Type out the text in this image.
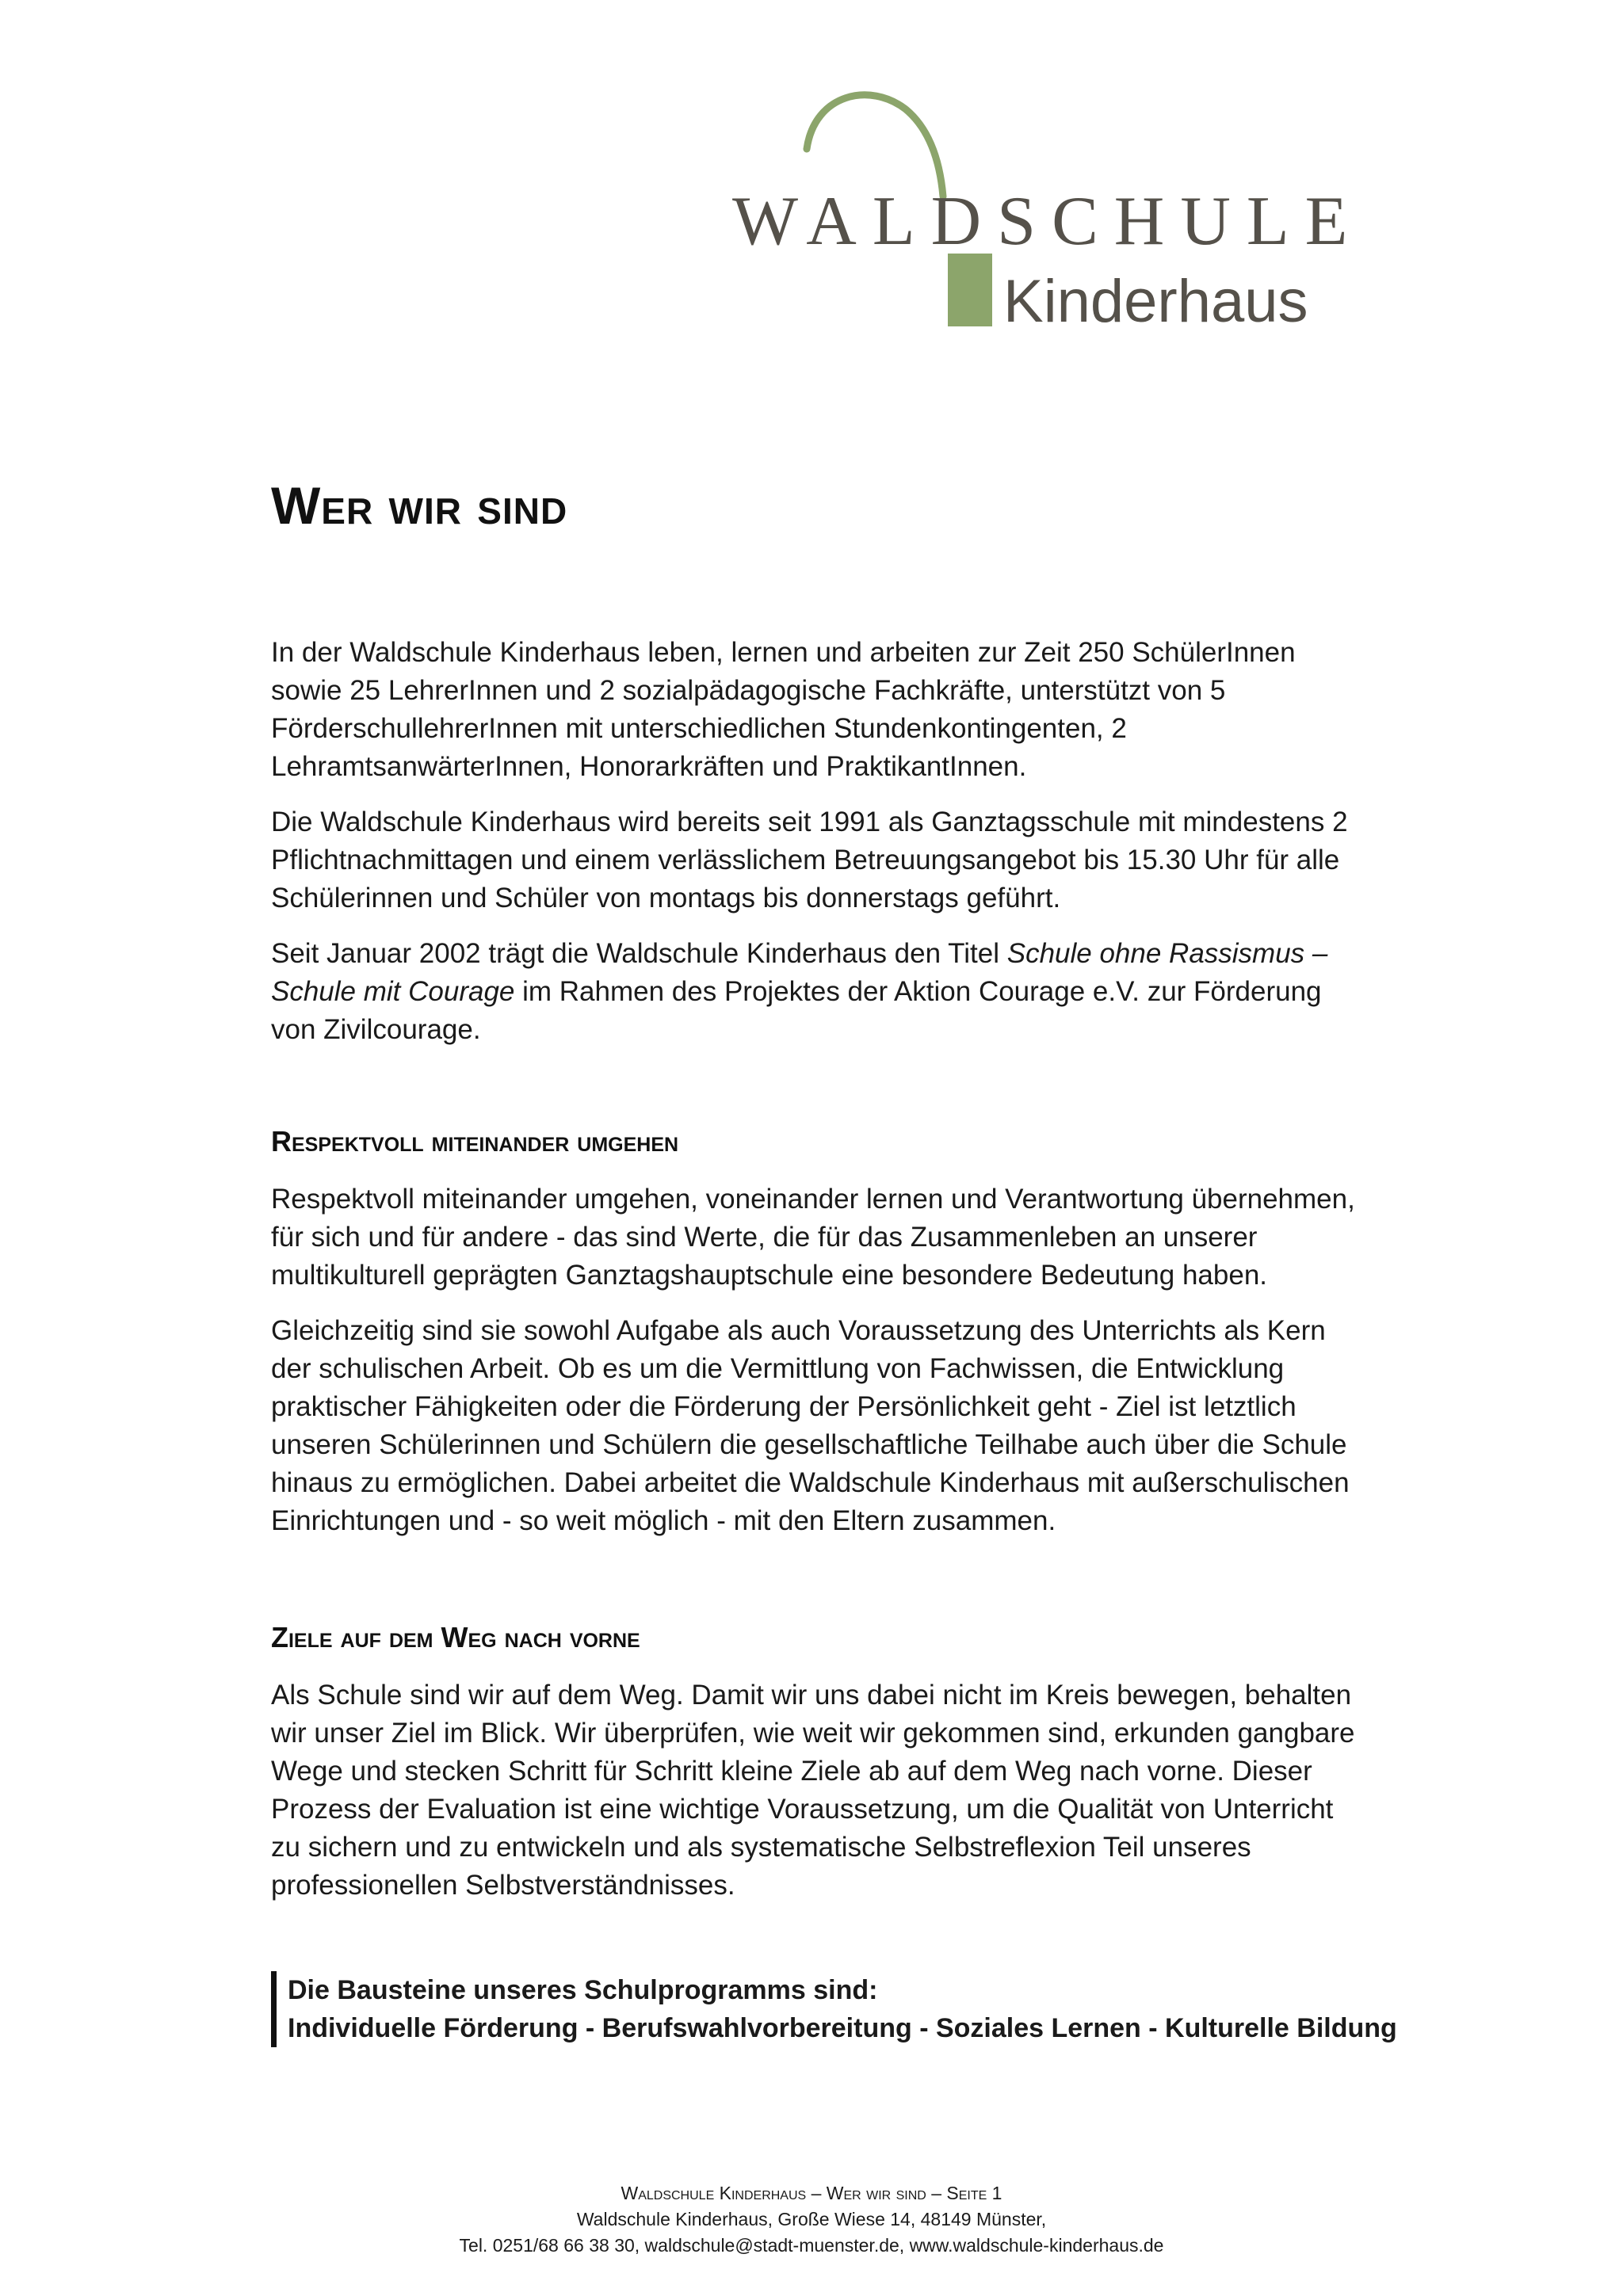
WALDSCHULE
Kinderhaus
Wer wir sind

In der Waldschule Kinderhaus leben, lernen und arbeiten zur Zeit 250 SchülerInnen sowie 25 LehrerInnen und 2 sozialpädagogische Fachkräfte, unterstützt von 5 FörderschullehrerInnen mit unterschiedlichen Stundenkontingenten, 2 LehramtsanwärterInnen, Honorarkräften und PraktikantInnen.

Die Waldschule Kinderhaus wird bereits seit 1991 als Ganztagsschule mit mindestens 2 Pflichtnachmittagen und einem verlässlichem Betreuungsangebot bis 15.30 Uhr für alle Schülerinnen und Schüler von montags bis donnerstags geführt.

Seit Januar 2002 trägt die Waldschule Kinderhaus den Titel Schule ohne Rassismus – Schule mit Courage im Rahmen des Projektes der Aktion Courage e.V. zur Förderung von Zivilcourage.

Respektvoll miteinander umgehen

Respektvoll miteinander umgehen, voneinander lernen und Verantwortung übernehmen, für sich und für andere - das sind Werte, die für das Zusammenleben an unserer multikulturell geprägten Ganztagshauptschule eine besondere Bedeutung haben.

Gleichzeitig sind sie sowohl Aufgabe als auch Voraussetzung des Unterrichts als Kern der schulischen Arbeit. Ob es um die Vermittlung von Fachwissen, die Entwicklung praktischer Fähigkeiten oder die Förderung der Persönlichkeit geht - Ziel ist letztlich unseren Schülerinnen und Schülern die gesellschaftliche Teilhabe auch über die Schule hinaus zu ermöglichen. Dabei arbeitet die Waldschule Kinderhaus mit außerschulischen Einrichtungen und - so weit möglich - mit den Eltern zusammen.

Ziele auf dem Weg nach vorne

Als Schule sind wir auf dem Weg. Damit wir uns dabei nicht im Kreis bewegen, behalten wir unser Ziel im Blick. Wir überprüfen, wie weit wir gekommen sind, erkunden gangbare Wege und stecken Schritt für Schritt kleine Ziele ab auf dem Weg nach vorne. Dieser Prozess der Evaluation ist eine wichtige Voraussetzung, um die Qualität von Unterricht zu sichern und zu entwickeln und als systematische Selbstreflexion Teil unseres professionellen Selbstverständnisses.

Die Bausteine unseres Schulprogramms sind:

Individuelle Förderung - Berufswahlvorbereitung - Soziales Lernen - Kulturelle Bildung

Waldschule Kinderhaus – Wer wir sind – Seite 1
Waldschule Kinderhaus, Große Wiese 14, 48149 Münster,
Tel. 0251/68 66 38 30, waldschule@stadt-muenster.de, www.waldschule-kinderhaus.de
